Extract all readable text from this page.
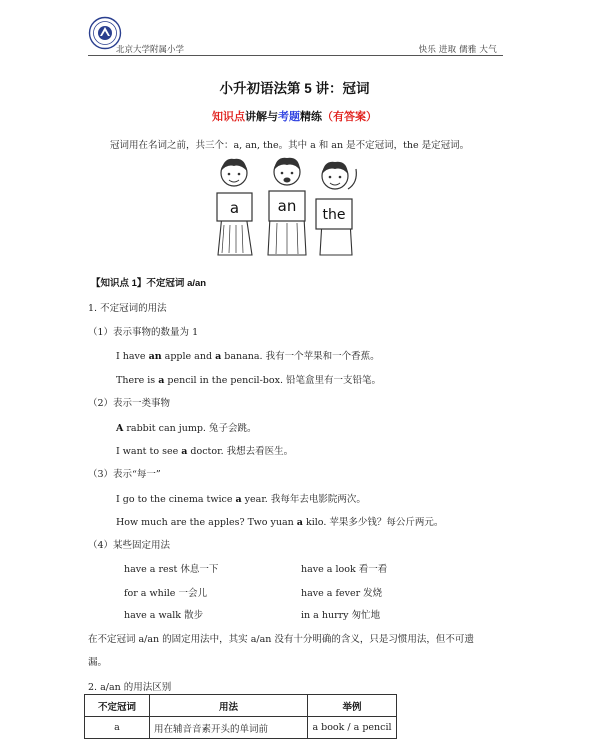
北京大学附属小学	快乐 进取 儒雅 大气
小升初语法第 5 讲：冠词
知识点讲解与考题精练（有答案）
冠词用在名词之前，共三个：a, an, the。其中 a 和 an 是不定冠词，the 是定冠词。
a	an the
【知识点 1】不定冠词 a/an
1. 不定冠词的用法
（1）表示事物的数量为 1
I have an apple and a banana. 我有一个苹果和一个香蕉。
There is a pencil in the pencil-box. 铅笔盒里有一支铅笔。
（2）表示一类事物
A rabbit can jump. 兔子会跳。
I want to see a doctor. 我想去看医生。
（3）表示“每一”
I go to the cinema twice a year. 我每年去电影院两次。
How much are the apples? Two yuan a kilo. 苹果多少钱？每公斤两元。
（4）某些固定用法
have a rest 休息一下	have a look 看一看
for a while 一会儿	have a fever 发烧
have a walk 散步	in a hurry 匆忙地
在不定冠词 a/an 的固定用法中，其实 a/an 没有十分明确的含义，只是习惯用法，但不可遗
漏。
2. a/an 的用法区别
不定冠词	用法	举例
a	用在辅音音素开头的单词前	a book / a pencil
